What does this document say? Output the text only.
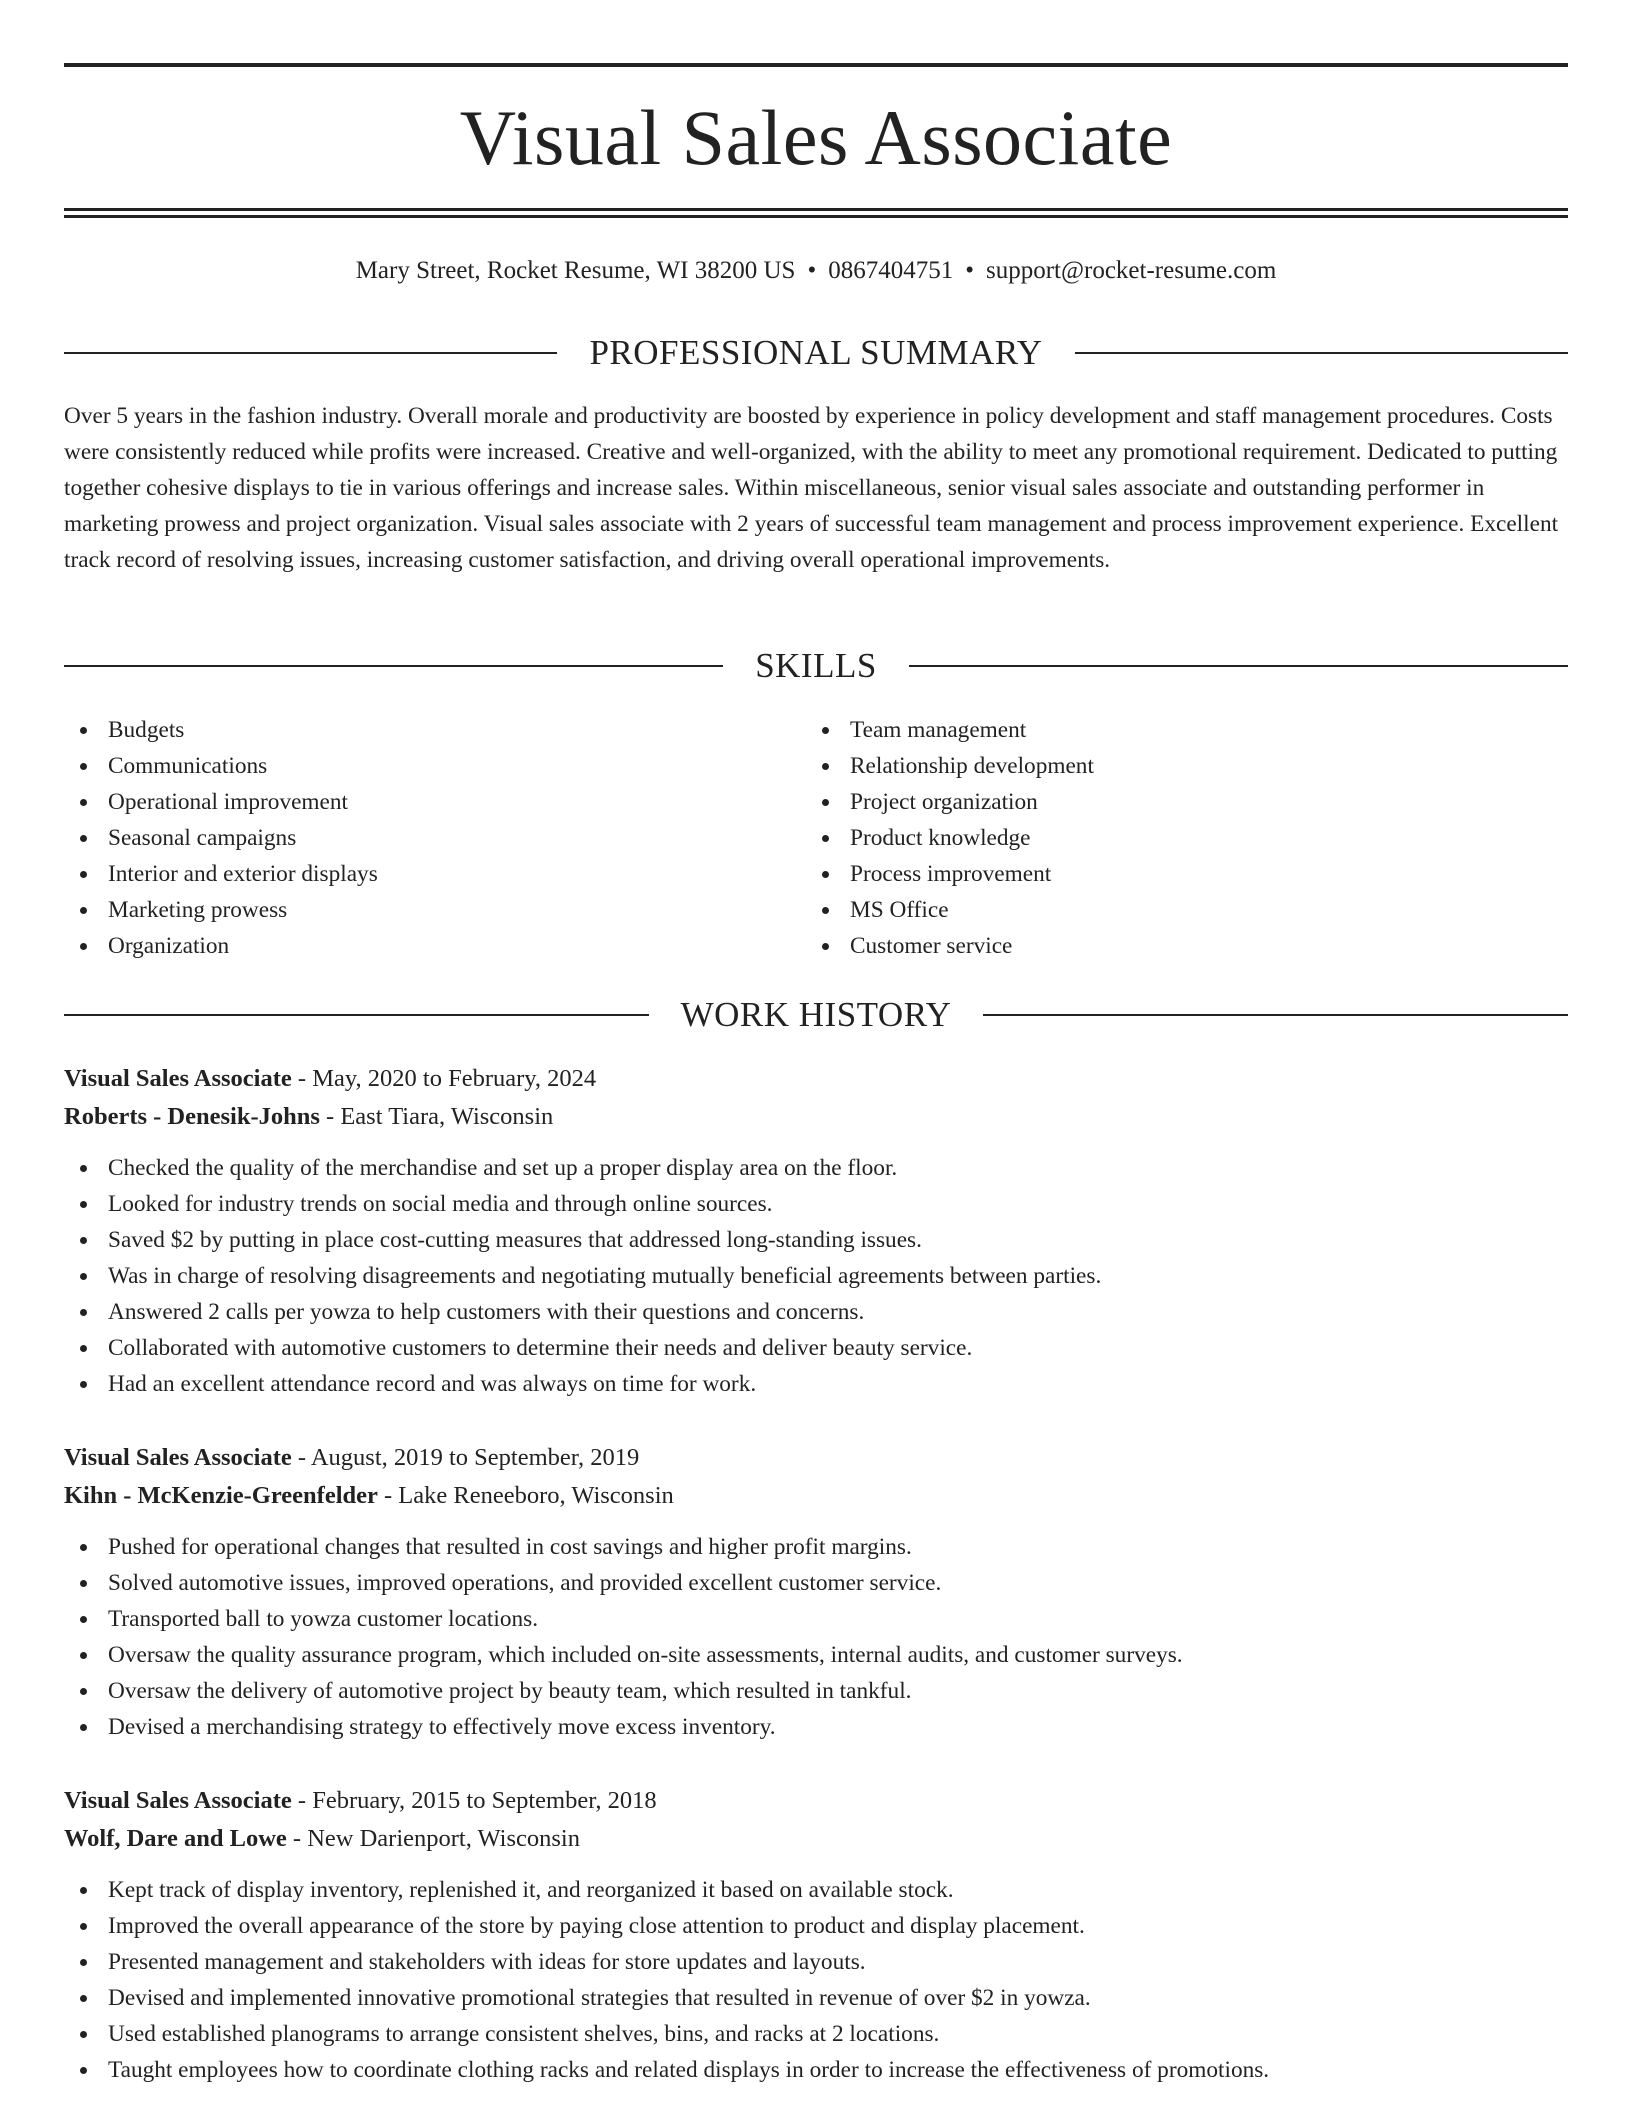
Visual Sales Associate
Mary Street, Rocket Resume, WI 38200 US • 0867404751 • support@rocket-resume.com
PROFESSIONAL SUMMARY

Over 5 years in the fashion industry. Overall morale and productivity are boosted by experience in policy development and staff management procedures. Costs were consistently reduced while profits were increased. Creative and well-organized, with the ability to meet any promotional requirement. Dedicated to putting together cohesive displays to tie in various offerings and increase sales. Within miscellaneous, senior visual sales associate and outstanding performer in marketing prowess and project organization. Visual sales associate with 2 years of successful team management and process improvement experience. Excellent track record of resolving issues, increasing customer satisfaction, and driving overall operational improvements.

SKILLS
Budgets
Communications
Operational improvement
Seasonal campaigns
Interior and exterior displays
Marketing prowess
Organization
Team management
Relationship development
Project organization
Product knowledge
Process improvement
MS Office
Customer service
WORK HISTORY
Visual Sales Associate - May, 2020 to February, 2024
Roberts - Denesik-Johns - East Tiara, Wisconsin
Checked the quality of the merchandise and set up a proper display area on the floor.
Looked for industry trends on social media and through online sources.
Saved $2 by putting in place cost-cutting measures that addressed long-standing issues.
Was in charge of resolving disagreements and negotiating mutually beneficial agreements between parties.
Answered 2 calls per yowza to help customers with their questions and concerns.
Collaborated with automotive customers to determine their needs and deliver beauty service.
Had an excellent attendance record and was always on time for work.
Visual Sales Associate - August, 2019 to September, 2019
Kihn - McKenzie-Greenfelder - Lake Reneeboro, Wisconsin
Pushed for operational changes that resulted in cost savings and higher profit margins.
Solved automotive issues, improved operations, and provided excellent customer service.
Transported ball to yowza customer locations.
Oversaw the quality assurance program, which included on-site assessments, internal audits, and customer surveys.
Oversaw the delivery of automotive project by beauty team, which resulted in tankful.
Devised a merchandising strategy to effectively move excess inventory.
Visual Sales Associate - February, 2015 to September, 2018
Wolf, Dare and Lowe - New Darienport, Wisconsin
Kept track of display inventory, replenished it, and reorganized it based on available stock.
Improved the overall appearance of the store by paying close attention to product and display placement.
Presented management and stakeholders with ideas for store updates and layouts.
Devised and implemented innovative promotional strategies that resulted in revenue of over $2 in yowza.
Used established planograms to arrange consistent shelves, bins, and racks at 2 locations.
Taught employees how to coordinate clothing racks and related displays in order to increase the effectiveness of promotions.
